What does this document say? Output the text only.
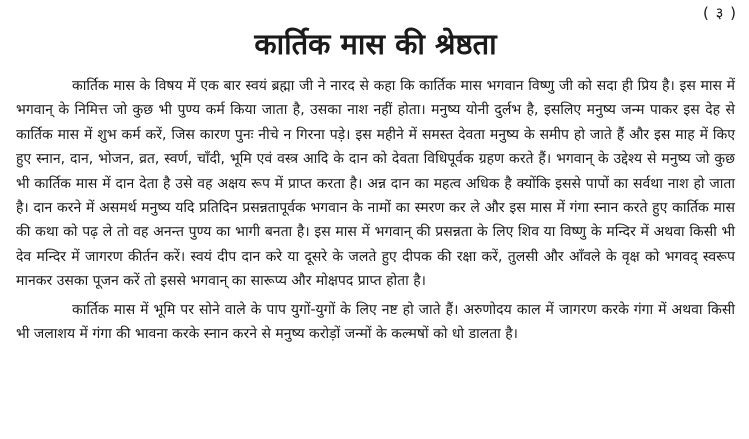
( ३ )
कार्तिक मास की श्रेष्ठता

कार्तिक मास के विषय में एक बार स्वयं ब्रह्मा जी ने नारद से कहा कि कार्तिक मास भगवान विष्णु जी को सदा ही प्रिय है। इस मास में भगवान् के निमित्त जो कुछ भी पुण्य कर्म किया जाता है, उसका नाश नहीं होता। मनुष्य योनी दुर्लभ है, इसलिए मनुष्य जन्म पाकर इस देह से कार्तिक मास में शुभ कर्म करें, जिस कारण पुनः नीचे न गिरना पड़े। इस महीने में समस्त देवता मनुष्य के समीप हो जाते हैं और इस माह में किए हुए स्नान, दान, भोजन, व्रत, स्वर्ण, चाँदी, भूमि एवं वस्त्र आदि के दान को देवता विधिपूर्वक ग्रहण करते हैं। भगवान् के उद्देश्य से मनुष्य जो कुछ भी कार्तिक मास में दान देता है उसे वह अक्षय रूप में प्राप्त करता है। अन्न दान का महत्व अधिक है क्योंकि इससे पापों का सर्वथा नाश हो जाता है। दान करने में असमर्थ मनुष्य यदि प्रतिदिन प्रसन्नतापूर्वक भगवान के नामों का स्मरण कर ले और इस मास में गंगा स्नान करते हुए कार्तिक मास की कथा को पढ़ ले तो वह अनन्त पुण्य का भागी बनता है। इस मास में भगवान् की प्रसन्नता के लिए शिव या विष्णु के मन्दिर में अथवा किसी भी देव मन्दिर में जागरण कीर्तन करें। स्वयं दीप दान करे या दूसरे के जलते हुए दीपक की रक्षा करें, तुलसी और आँवले के वृक्ष को भगवद् स्वरूप मानकर उसका पूजन करें तो इससे भगवान् का सारूप्य और मोक्षपद प्राप्त होता है।

कार्तिक मास में भूमि पर सोने वाले के पाप युगों-युगों के लिए नष्ट हो जाते हैं। अरुणोदय काल में जागरण करके गंगा में अथवा किसी भी जलाशय में गंगा की भावना करके स्नान करने से मनुष्य करोड़ों जन्मों के कल्मषों को धो डालता है।
